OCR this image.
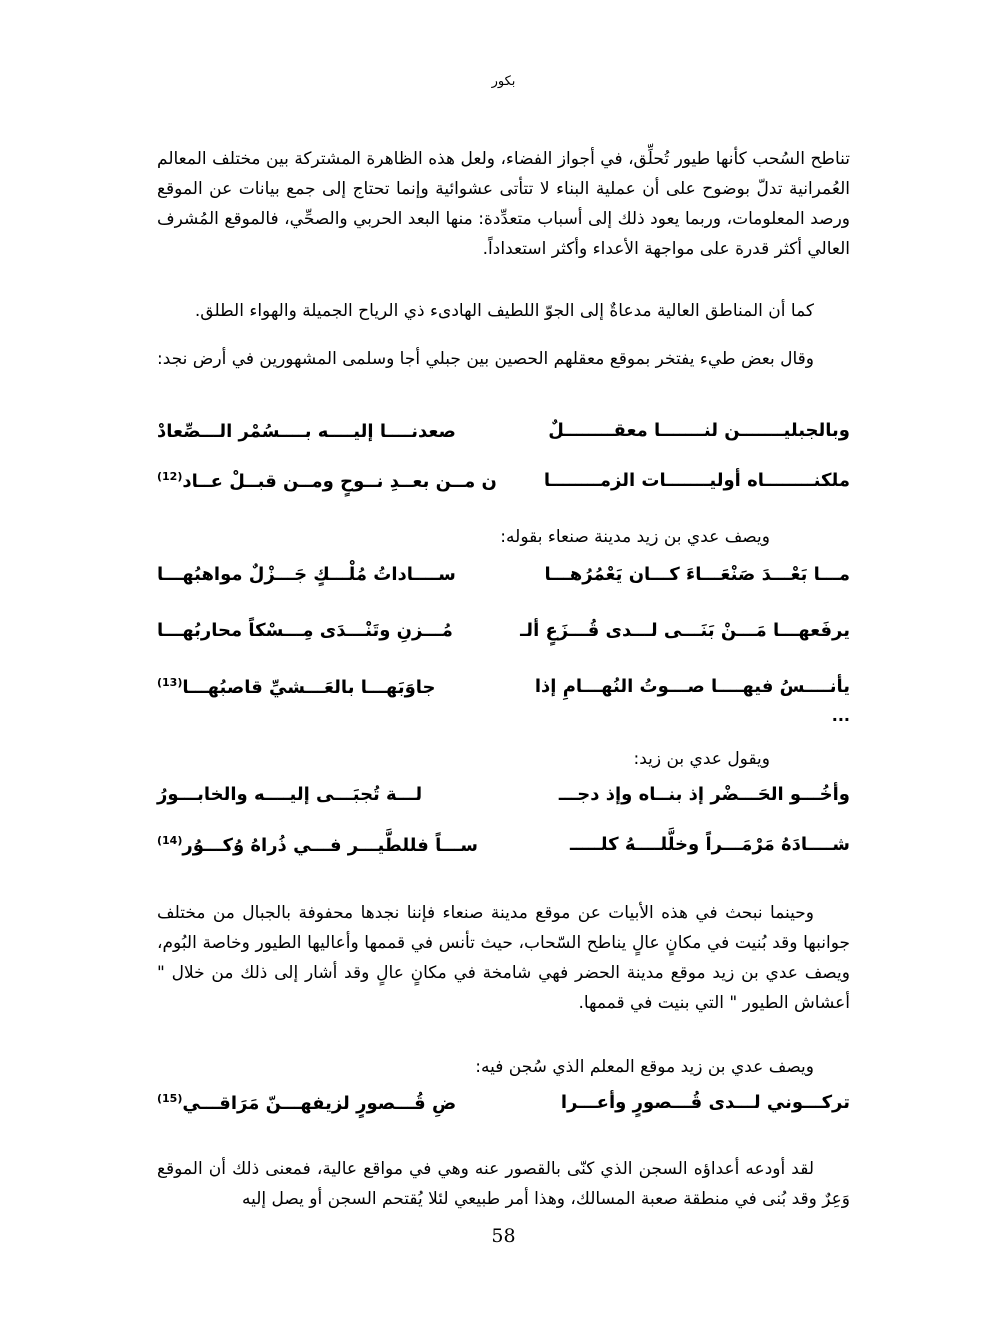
بكور

تناطح السُحب كأنها طيور تُحلِّق، في أجواز الفضاء، ولعل هذه الظاهرة المشتركة بين مختلف المعالم العُمرانية تدلّ بوضوح على أن عملية البناء لا تتأتى عشوائية وإنما تحتاج إلى جمع بيانات عن الموقع ورصد المعلومات، وربما يعود ذلك إلى أسباب متعدِّدة: منها البعد الحربي والصحِّي، فالموقع المُشرف العالي أكثر قدرة على مواجهة الأعداء وأكثر استعداداً.

كما أن المناطق العالية مدعاةٌ إلى الجوّ اللطيف الهادىء ذي الرياح الجميلة والهواء الطلق.

وقال بعض طيء يفتخر بموقع معقلهم الحصين بين جبلي أجا وسلمى المشهورين في أرض نجد:

وبالجبليـــــــن لنـــــــا معقــــــــلٌ
صعدنــــا إليــــه بــــسُمْر الـــصِّعادْ
ملكنــــــــاه أوليـــــــات الزمــــــــا
ن مــن بعــدِ نــوحٍ ومــن قبــلْ عــاد$^{(12)}$

ويصف عدي بن زيد مدينة صنعاء بقوله:

مـــا بَعْـــدَ صَنْعَـــاءَ كـــان يَعْمُرُهـــا
ســــاداتُ مُلْـــكٍ جَـــزْلٌ مواهبُهـــا
يرفَعهـــا مَـــنْ بَنَـــى لـــدى قُـــزَعٍ ألـ
مُـــزنِ وتَنْـــدَى مِـــسْكاً محاربُهـــا
يأنــــسُ فيهــــا صـــوتُ النُهـــامِ إذا
جاوَبَهـــا بالعَـــشيِّ قاصبُهـــا$^{(13)}$
...

ويقول عدي بن زيد:

وأخُـــو الحَـــضْر إذ بنــاه وإذ دجـــ
لـــة تُجبَـــى إليــــه والخابـــورُ
شــــادَهُ مَرْمَـــراً وخلَّلــــهُ كلـــــ
ســـاً فللطَّيـــر فـــي ذُراهُ وُكـــوُر$^{(14)}$

وحينما نبحث في هذه الأبيات عن موقع مدينة صنعاء فإننا نجدها محفوفة بالجبال من مختلف جوانبها وقد بُنيت في مكانٍ عالٍ يناطح السّحاب، حيث تأنس في قممها وأعاليها الطيور وخاصة البُوم، ويصف عدي بن زيد موقع مدينة الحضر فهي شامخة في مكانٍ عالٍ وقد أشار إلى ذلك من خلال " أعشاش الطيور " التي بنيت في قممها.

ويصف عدي بن زيد موقع المعلم الذي سُجن فيه:

تركـــوني لـــدى قُـــصورٍ وأعـــرا
ضِ قُـــصورٍ لزيفهـــنّ مَرَاقـــي$^{(15)}$

لقد أودعه أعداؤه السجن الذي كنّى بالقصور عنه وهي في مواقع عالية، فمعنى ذلك أن الموقع وَعِرٌ وقد بُنى في منطقة صعبة المسالك، وهذا أمر طبيعي لئلا يُقتحم السجن أو يصل إليه

58
